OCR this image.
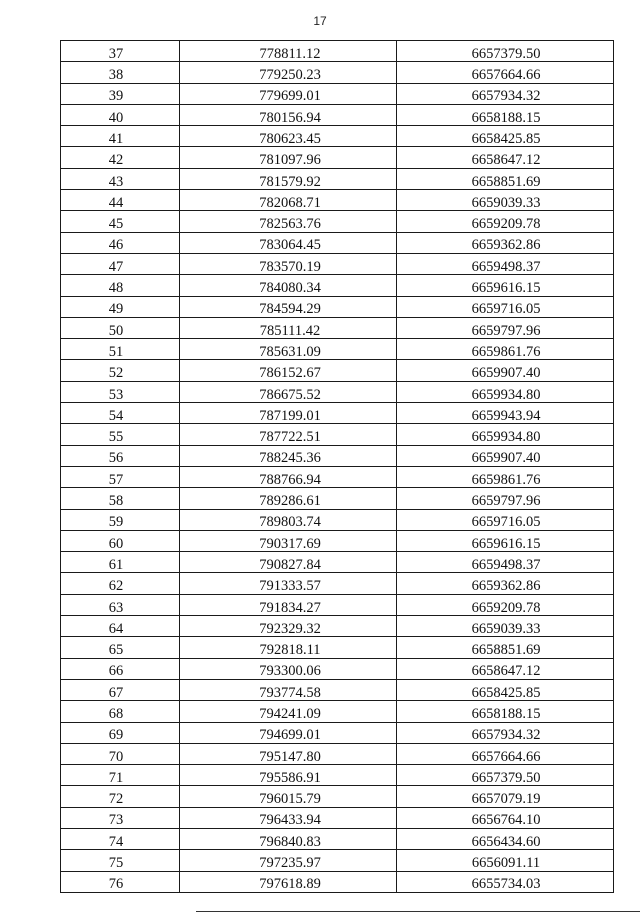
17
37	778811.12	6657379.50
38	779250.23	6657664.66
39	779699.01	6657934.32
40	780156.94	6658188.15
41	780623.45	6658425.85
42	781097.96	6658647.12
43	781579.92	6658851.69
44	782068.71	6659039.33
45	782563.76	6659209.78
46	783064.45	6659362.86
47	783570.19	6659498.37
48	784080.34	6659616.15
49	784594.29	6659716.05
50	785111.42	6659797.96
51	785631.09	6659861.76
52	786152.67	6659907.40
53	786675.52	6659934.80
54	787199.01	6659943.94
55	787722.51	6659934.80
56	788245.36	6659907.40
57	788766.94	6659861.76
58	789286.61	6659797.96
59	789803.74	6659716.05
60	790317.69	6659616.15
61	790827.84	6659498.37
62	791333.57	6659362.86
63	791834.27	6659209.78
64	792329.32	6659039.33
65	792818.11	6658851.69
66	793300.06	6658647.12
67	793774.58	6658425.85
68	794241.09	6658188.15
69	794699.01	6657934.32
70	795147.80	6657664.66
71	795586.91	6657379.50
72	796015.79	6657079.19
73	796433.94	6656764.10
74	796840.83	6656434.60
75	797235.97	6656091.11
76	797618.89	6655734.03
